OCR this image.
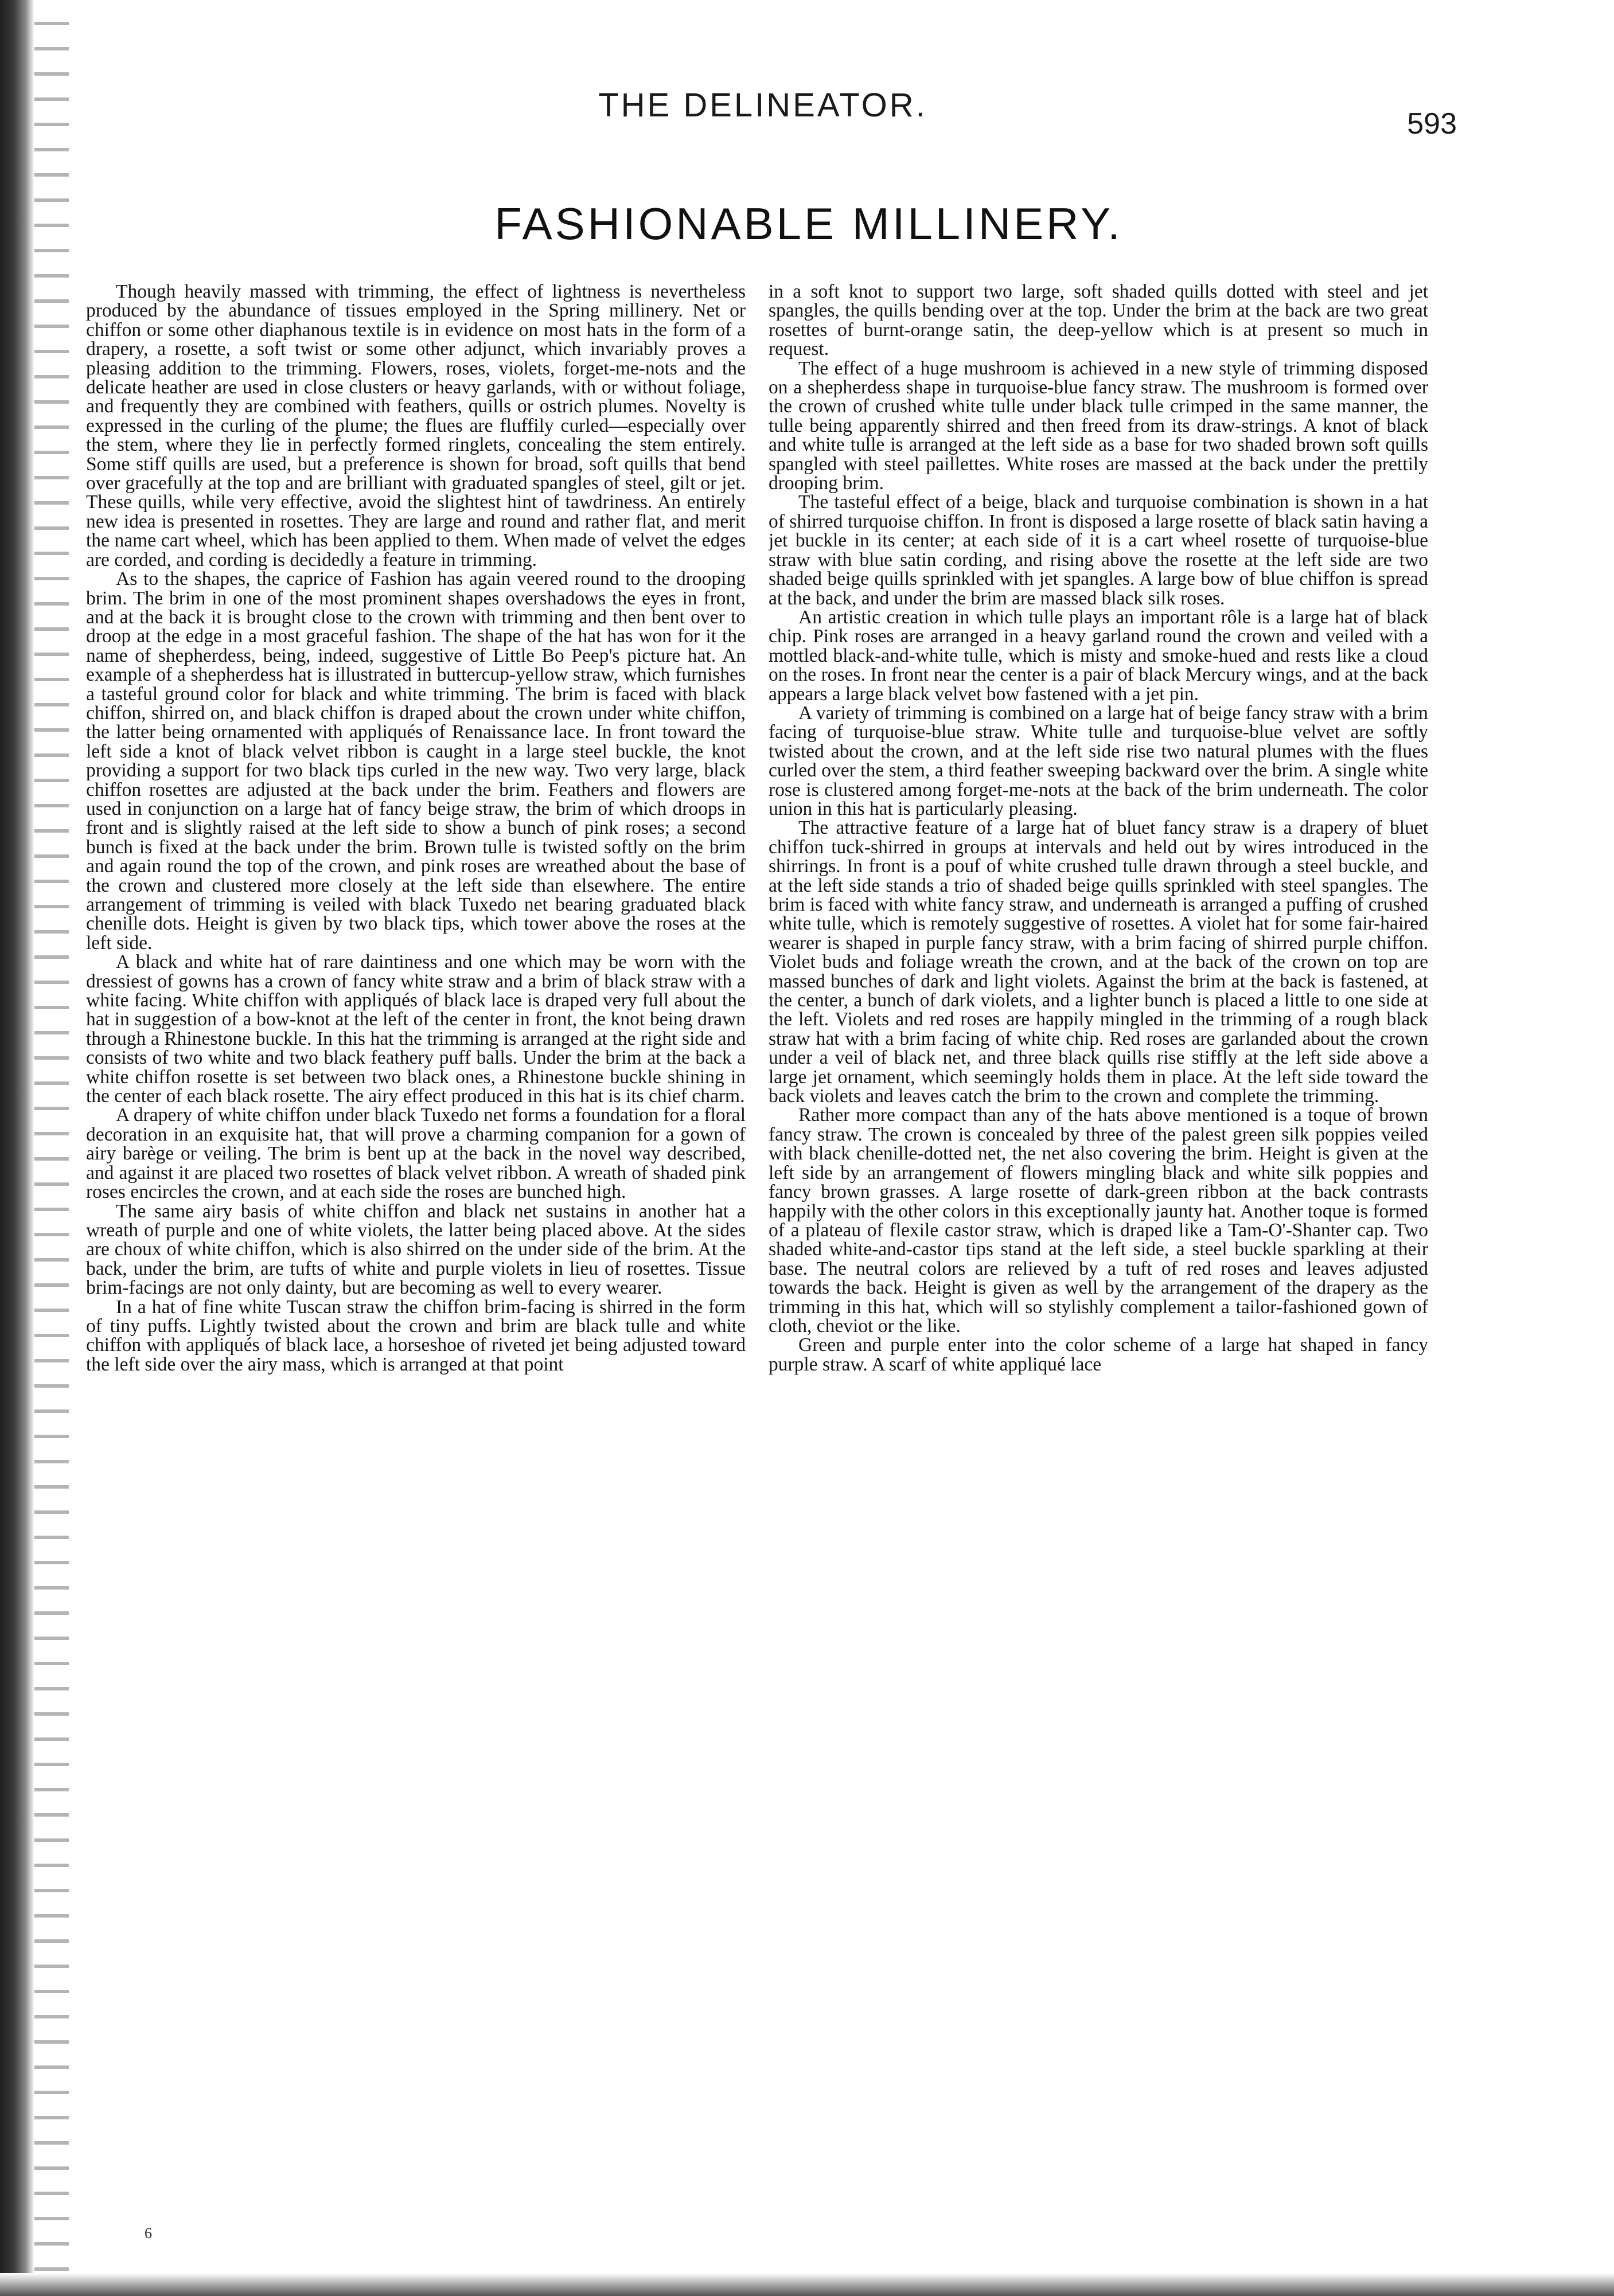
THE DELINEATOR.	593
FASHIONABLE MILLINERY.

Though heavily massed with trimming, the effect of lightness is nevertheless produced by the abundance of tissues employed in the Spring millinery. Net or chiffon or some other diaphanous textile is in evidence on most hats in the form of a drapery, a rosette, a soft twist or some other adjunct, which invariably proves a pleasing addition to the trimming. Flowers, roses, violets, forget-me-nots and the delicate heather are used in close clusters or heavy garlands, with or without foliage, and frequently they are combined with feathers, quills or ostrich plumes. Novelty is expressed in the curling of the plume; the flues are fluffily curled—especially over the stem, where they lie in perfectly formed ringlets, concealing the stem entirely. Some stiff quills are used, but a preference is shown for broad, soft quills that bend over gracefully at the top and are brilliant with graduated spangles of steel, gilt or jet. These quills, while very effective, avoid the slightest hint of tawdriness. An entirely new idea is presented in rosettes. They are large and round and rather flat, and merit the name cart wheel, which has been applied to them. When made of velvet the edges are corded, and cording is decidedly a feature in trimming.

As to the shapes, the caprice of Fashion has again veered round to the drooping brim. The brim in one of the most prominent shapes overshadows the eyes in front, and at the back it is brought close to the crown with trimming and then bent over to droop at the edge in a most graceful fashion. The shape of the hat has won for it the name of shepherdess, being, indeed, suggestive of Little Bo Peep's picture hat. An example of a shepherdess hat is illustrated in buttercup-yellow straw, which furnishes a tasteful ground color for black and white trimming. The brim is faced with black chiffon, shirred on, and black chiffon is draped about the crown under white chiffon, the latter being ornamented with appliqués of Renaissance lace. In front toward the left side a knot of black velvet ribbon is caught in a large steel buckle, the knot providing a support for two black tips curled in the new way. Two very large, black chiffon rosettes are adjusted at the back under the brim. Feathers and flowers are used in conjunction on a large hat of fancy beige straw, the brim of which droops in front and is slightly raised at the left side to show a bunch of pink roses; a second bunch is fixed at the back under the brim. Brown tulle is twisted softly on the brim and again round the top of the crown, and pink roses are wreathed about the base of the crown and clustered more closely at the left side than elsewhere. The entire arrangement of trimming is veiled with black Tuxedo net bearing graduated black chenille dots. Height is given by two black tips, which tower above the roses at the left side.

A black and white hat of rare daintiness and one which may be worn with the dressiest of gowns has a crown of fancy white straw and a brim of black straw with a white facing. White chiffon with appliqués of black lace is draped very full about the hat in suggestion of a bow-knot at the left of the center in front, the knot being drawn through a Rhinestone buckle. In this hat the trimming is arranged at the right side and consists of two white and two black feathery puff balls. Under the brim at the back a white chiffon rosette is set between two black ones, a Rhinestone buckle shining in the center of each black rosette. The airy effect produced in this hat is its chief charm.

A drapery of white chiffon under black Tuxedo net forms a foundation for a floral decoration in an exquisite hat, that will prove a charming companion for a gown of airy barège or veiling. The brim is bent up at the back in the novel way described, and against it are placed two rosettes of black velvet ribbon. A wreath of shaded pink roses encircles the crown, and at each side the roses are bunched high.

The same airy basis of white chiffon and black net sustains in another hat a wreath of purple and one of white violets, the latter being placed above. At the sides are choux of white chiffon, which is also shirred on the under side of the brim. At the back, under the brim, are tufts of white and purple violets in lieu of rosettes. Tissue brim-facings are not only dainty, but are becoming as well to every wearer.

In a hat of fine white Tuscan straw the chiffon brim-facing is shirred in the form of tiny puffs. Lightly twisted about the crown and brim are black tulle and white chiffon with appliqués of black lace, a horseshoe of riveted jet being adjusted toward the left side over the airy mass, which is arranged at that point

in a soft knot to support two large, soft shaded quills dotted with steel and jet spangles, the quills bending over at the top. Under the brim at the back are two great rosettes of burnt-orange satin, the deep-yellow which is at present so much in request.

The effect of a huge mushroom is achieved in a new style of trimming disposed on a shepherdess shape in turquoise-blue fancy straw. The mushroom is formed over the crown of crushed white tulle under black tulle crimped in the same manner, the tulle being apparently shirred and then freed from its draw-strings. A knot of black and white tulle is arranged at the left side as a base for two shaded brown soft quills spangled with steel paillettes. White roses are massed at the back under the prettily drooping brim.

The tasteful effect of a beige, black and turquoise combination is shown in a hat of shirred turquoise chiffon. In front is disposed a large rosette of black satin having a jet buckle in its center; at each side of it is a cart wheel rosette of turquoise-blue straw with blue satin cording, and rising above the rosette at the left side are two shaded beige quills sprinkled with jet spangles. A large bow of blue chiffon is spread at the back, and under the brim are massed black silk roses.

An artistic creation in which tulle plays an important rôle is a large hat of black chip. Pink roses are arranged in a heavy garland round the crown and veiled with a mottled black-and-white tulle, which is misty and smoke-hued and rests like a cloud on the roses. In front near the center is a pair of black Mercury wings, and at the back appears a large black velvet bow fastened with a jet pin.

A variety of trimming is combined on a large hat of beige fancy straw with a brim facing of turquoise-blue straw. White tulle and turquoise-blue velvet are softly twisted about the crown, and at the left side rise two natural plumes with the flues curled over the stem, a third feather sweeping backward over the brim. A single white rose is clustered among forget-me-nots at the back of the brim underneath. The color union in this hat is particularly pleasing.

The attractive feature of a large hat of bluet fancy straw is a drapery of bluet chiffon tuck-shirred in groups at intervals and held out by wires introduced in the shirrings. In front is a pouf of white crushed tulle drawn through a steel buckle, and at the left side stands a trio of shaded beige quills sprinkled with steel spangles. The brim is faced with white fancy straw, and underneath is arranged a puffing of crushed white tulle, which is remotely suggestive of rosettes. A violet hat for some fair-haired wearer is shaped in purple fancy straw, with a brim facing of shirred purple chiffon. Violet buds and foliage wreath the crown, and at the back of the crown on top are massed bunches of dark and light violets. Against the brim at the back is fastened, at the center, a bunch of dark violets, and a lighter bunch is placed a little to one side at the left. Violets and red roses are happily mingled in the trimming of a rough black straw hat with a brim facing of white chip. Red roses are garlanded about the crown under a veil of black net, and three black quills rise stiffly at the left side above a large jet ornament, which seemingly holds them in place. At the left side toward the back violets and leaves catch the brim to the crown and complete the trimming.

Rather more compact than any of the hats above mentioned is a toque of brown fancy straw. The crown is concealed by three of the palest green silk poppies veiled with black chenille-dotted net, the net also covering the brim. Height is given at the left side by an arrangement of flowers mingling black and white silk poppies and fancy brown grasses. A large rosette of dark-green ribbon at the back contrasts happily with the other colors in this exceptionally jaunty hat. Another toque is formed of a plateau of flexile castor straw, which is draped like a Tam-O'-Shanter cap. Two shaded white-and-castor tips stand at the left side, a steel buckle sparkling at their base. The neutral colors are relieved by a tuft of red roses and leaves adjusted towards the back. Height is given as well by the arrangement of the drapery as the trimming in this hat, which will so stylishly complement a tailor-fashioned gown of cloth, cheviot or the like.

Green and purple enter into the color scheme of a large hat shaped in fancy purple straw. A scarf of white appliqué lace

6
